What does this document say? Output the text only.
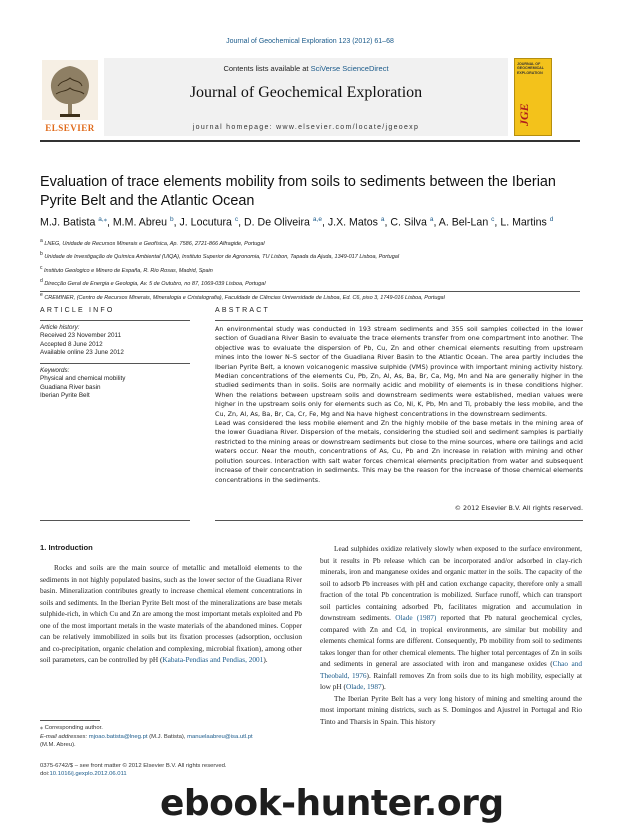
Journal of Geochemical Exploration 123 (2012) 61–68
ELSEVIER
Contents lists available at SciVerse ScienceDirect
Journal of Geochemical Exploration
journal homepage: www.elsevier.com/locate/jgeoexp
JOURNAL OF GEOCHEMICAL EXPLORATION
JGE
Evaluation of trace elements mobility from soils to sediments between the Iberian Pyrite Belt and the Atlantic Ocean
M.J. Batista $^{a,⁎}$, M.M. Abreu $^b$, J. Locutura $^c$, D. De Oliveira $^{a,e}$, J.X. Matos $^a$, C. Silva $^a$, A. Bel-Lan $^c$, L. Martins $^d$
$^a$ LNEG, Unidade de Recursos Minerais e Geofísica, Ap. 7586, 2721-866 Alfragide, Portugal
$^b$ Unidade de Investigação de Química Ambiental (UIQA), Instituto Superior de Agronomia, TU Lisbon, Tapada da Ajuda, 1349-017 Lisboa, Portugal
$^c$ Instituto Geologico e Minero de España, R. Rio Rosas, Madrid, Spain
$^d$ Direcção Geral de Energia e Geologia, Av. 5 de Outubro, no 87, 1069-039 Lisboa, Portugal
$^e$ CREMINER, (Centro de Recursos Minerais, Mineralogia e Cristalografia), Faculdade de Ciências Universidade de Lisboa, Ed. C6, piso 3, 1749-016 Lisboa, Portugal
ARTICLE INFO
Article history:
Received 23 November 2011
Accepted 8 June 2012
Available online 23 June 2012
Keywords:
Physical and chemical mobility
Guadiana River basin
Iberian Pyrite Belt
ABSTRACT
An environmental study was conducted in 193 stream sediments and 355 soil samples collected in the lower section of Guadiana River Basin to evaluate the trace elements transfer from one compartment into another. The objective was to evaluate the dispersion of Pb, Cu, Zn and other chemical elements resulting from upstream mines into the lower N–S sector of the Guadiana River Basin to the Atlantic Ocean. The area partly includes the Iberian Pyrite Belt, a known volcanogenic massive sulphide (VMS) province with important mining activity history. Median concentrations of the elements Cu, Pb, Zn, Al, As, Ba, Br, Ca, Mg, Mn and Na are generally higher in the studied sediments than in soils. Soils are normally acidic and mobility of elements is in these conditions higher. When the relations between upstream soils and downstream sediments were established, median values were higher in the upstream soils only for elements such as Co, Ni, K, Pb, Mn and Ti, probably the less mobile, and the Cu, Zn, Al, As, Ba, Br, Ca, Cr, Fe, Mg and Na have highest concentrations in the downstream sediments.
Lead was considered the less mobile element and Zn the highly mobile of the base metals in the mining area of the lower Guadiana River. Dispersion of the metals, considering the studied soil and sediment samples is partially restricted to the mining areas or downstream sediments but close to the mine sources, where ore tailings and acid waters occur. Near the mouth, concentrations of As, Cu, Pb and Zn increase in relation with mining and other pollution sources. Interaction with salt water forces chemical elements precipitation from water and subsequent increase of their concentration in sediments. This may be the reason for the increase of those chemical elements concentrations in the sediments.
© 2012 Elsevier B.V. All rights reserved.
1. Introduction
Rocks and soils are the main source of metallic and metalloid elements to the sediments in not highly populated basins, such as the lower sector of the Guadiana River basin. Mineralization contributes greatly to increase chemical element concentrations in soils and sediments. In the Iberian Pyrite Belt most of the mineralizations are base metals sulphide-rich, in which Cu and Zn are among the most important metals exploited and Pb one of the most important metals in the waste materials of the abandoned mines. Copper can be relatively immobilized in soils but its fixation processes (adsorption, occlusion and co-precipitation, organic chelation and complexing, microbial fixation), among other soil parameters, can be controlled by pH (Kabata-Pendias and Pendias, 2001).
Lead sulphides oxidize relatively slowly when exposed to the surface environment, but it results in Pb release which can be incorporated and/or adsorbed in clay-rich minerals, iron and manganese oxides and organic matter in the soils. The capacity of the soil to adsorb Pb increases with pH and cation exchange capacity, therefore only a small fraction of the total Pb concentration is mobilized. Surface runoff, which can transport soil particles containing adsorbed Pb, facilitates migration and accumulation in downstream sediments. Olade (1987) reported that Pb natural geochemical cycles, compared with Zn and Cd, in tropical environments, are similar but mobility and elements chemical forms are different. Consequently, Pb mobility from soil to sediments takes longer than for other chemical elements. The higher total percentages of Zn in soils and sediments in general are associated with iron and manganese oxides (Chao and Theobald, 1976). Rainfall removes Zn from soils due to its high mobility, especially at low pH (Olade, 1987).
The Iberian Pyrite Belt has a very long history of mining and smelting around the most important mining districts, such as S. Domingos and Ajustrel in Portugal and Rio Tinto and Tharsis in Spain. This history
⁎ Corresponding author.
E-mail addresses: mjoao.batista@lneg.pt (M.J. Batista), manuelaabreu@isa.utl.pt
(M.M. Abreu).
0375-6742/$ – see front matter © 2012 Elsevier B.V. All rights reserved.
doi:10.1016/j.gexplo.2012.06.011
ebook-hunter.org
